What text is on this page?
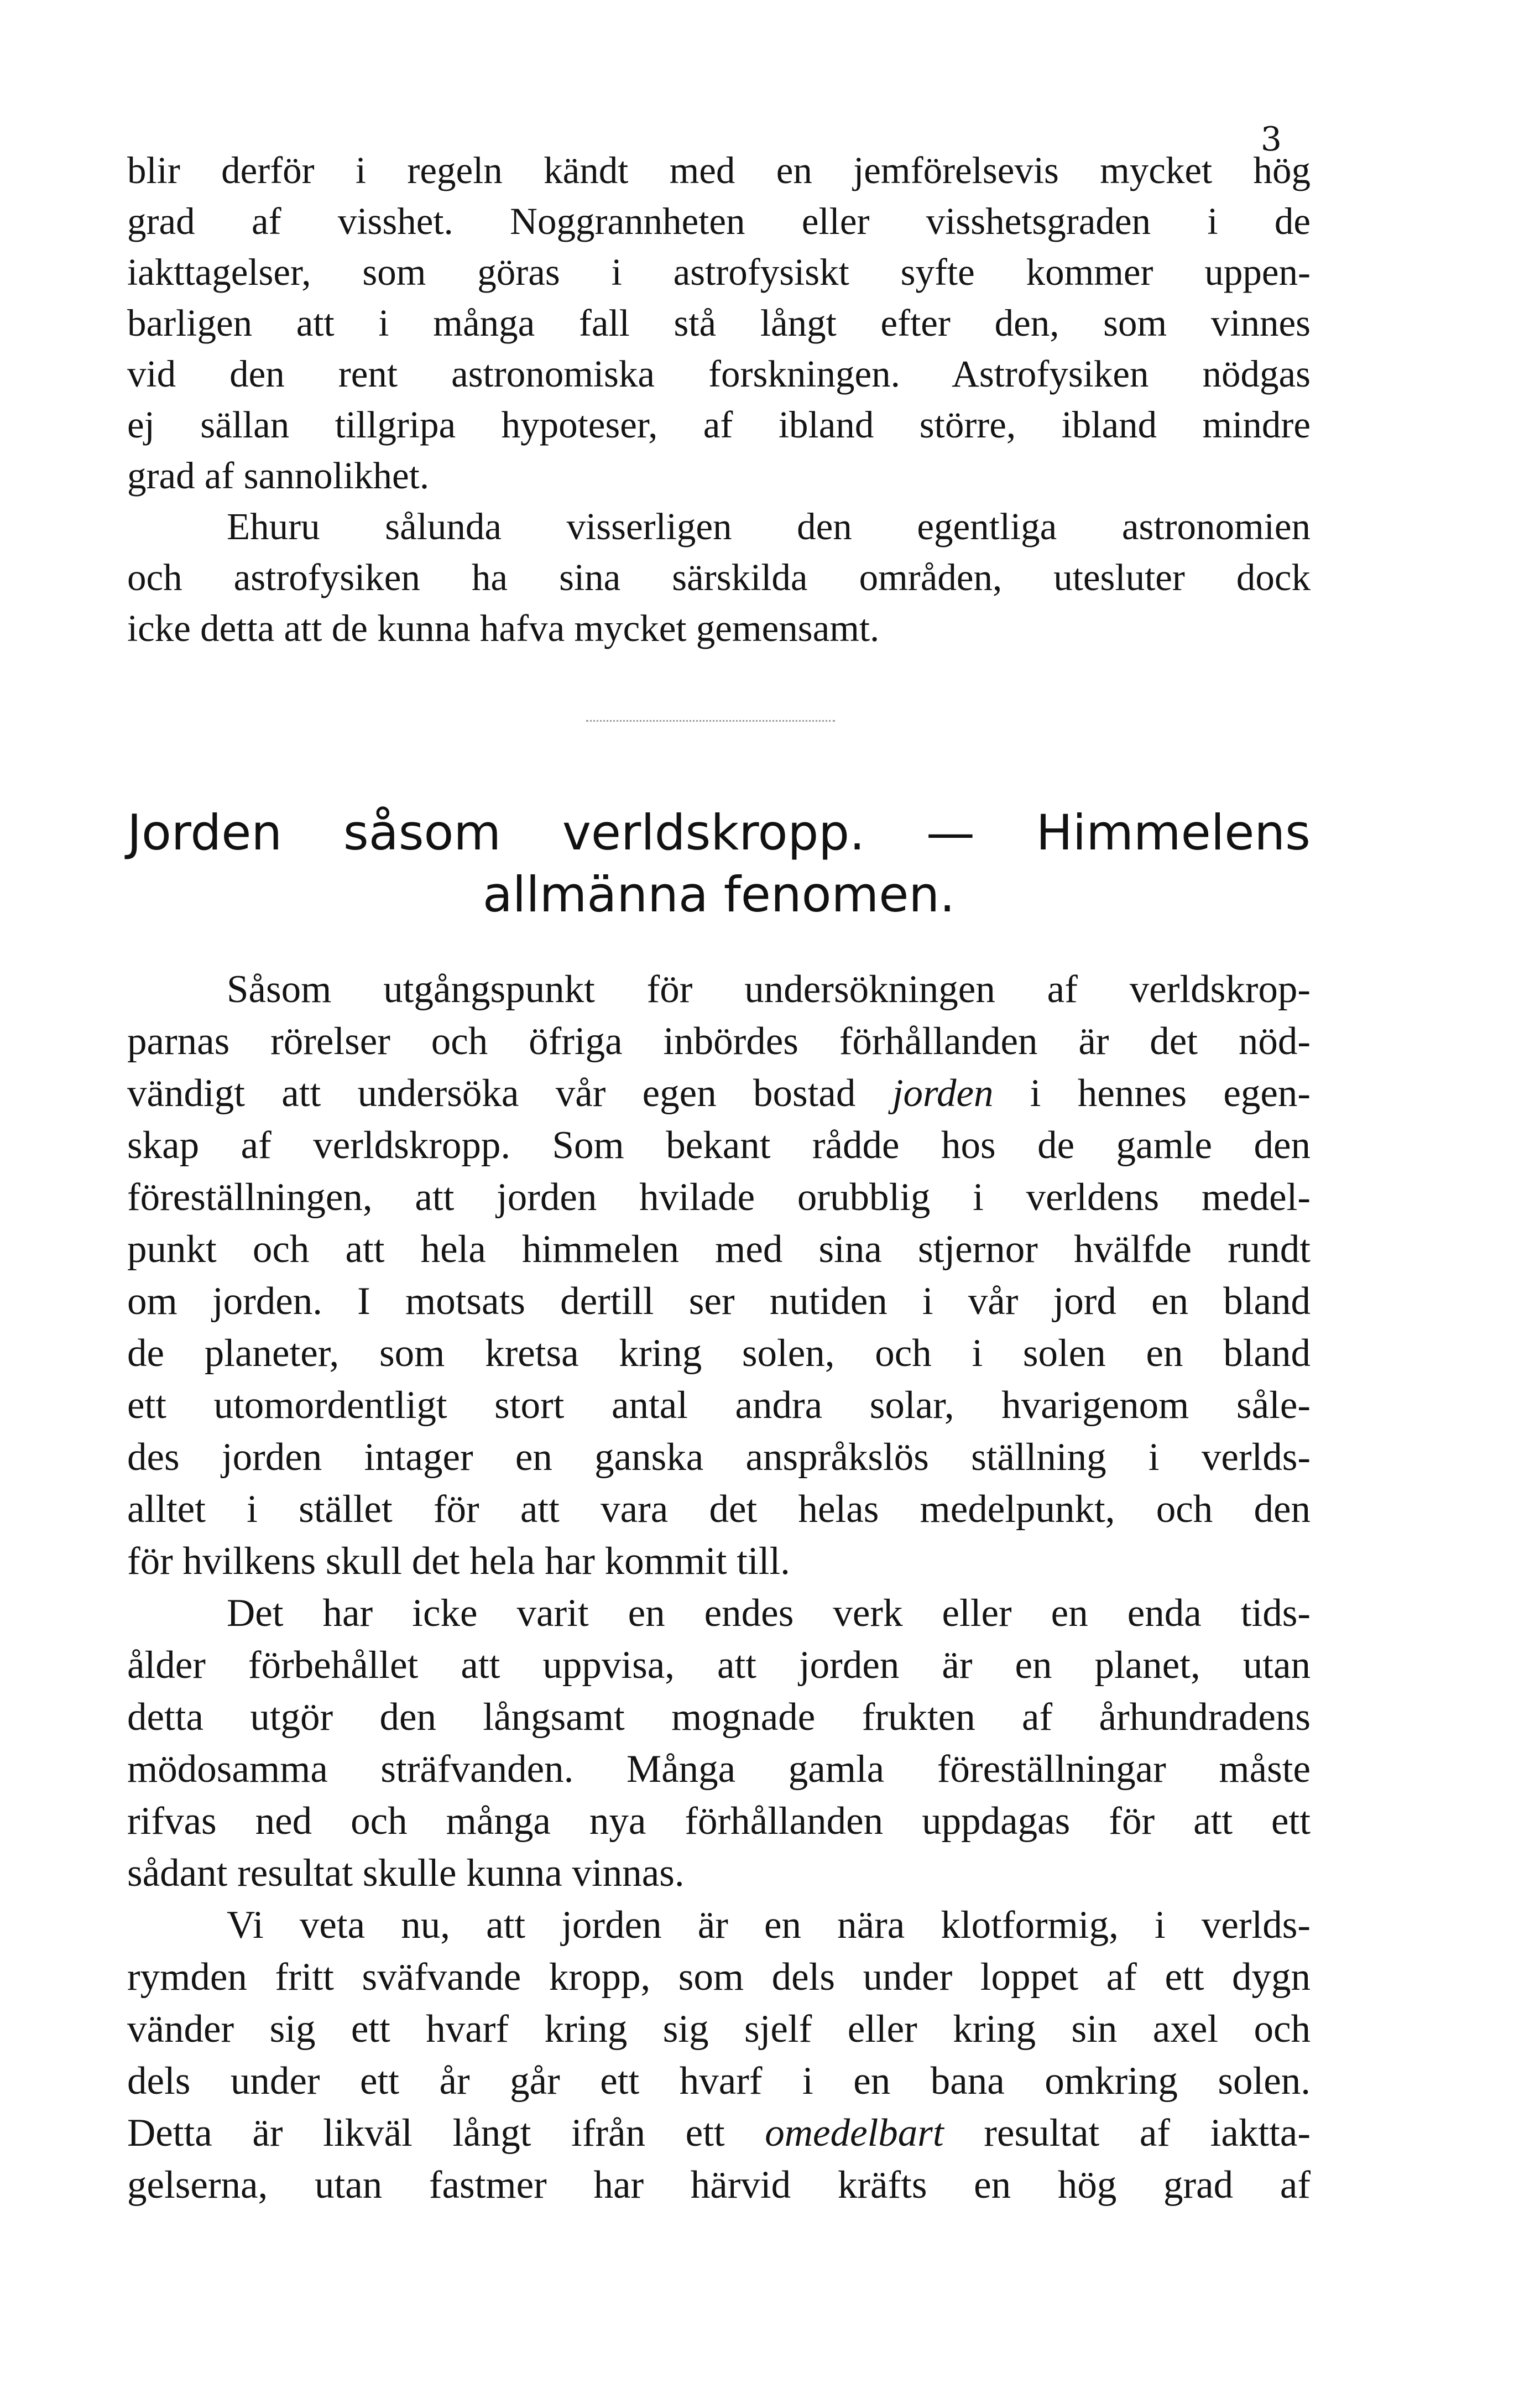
3
blir derför i regeln kändt med en jemförelsevis mycket hög
grad af visshet. Noggrannheten eller visshetsgraden i de
iakttagelser, som göras i astrofysiskt syfte kommer uppen-
barligen att i många fall stå långt efter den, som vinnes
vid den rent astronomiska forskningen. Astrofysiken nödgas
ej sällan tillgripa hypoteser, af ibland större, ibland mindre
grad af sannolikhet.
Ehuru sålunda visserligen den egentliga astronomien
och astrofysiken ha sina särskilda områden, utesluter dock
icke detta att de kunna hafva mycket gemensamt.
Jorden såsom verldskropp. — Himmelens
allmänna fenomen.
Såsom utgångspunkt för undersökningen af verldskrop-
parnas rörelser och öfriga inbördes förhållanden är det nöd-
vändigt att undersöka vår egen bostad jorden i hennes egen-
skap af verldskropp. Som bekant rådde hos de gamle den
föreställningen, att jorden hvilade orubblig i verldens medel-
punkt och att hela himmelen med sina stjernor hvälfde rundt
om jorden. I motsats dertill ser nutiden i vår jord en bland
de planeter, som kretsa kring solen, och i solen en bland
ett utomordentligt stort antal andra solar, hvarigenom såle-
des jorden intager en ganska anspråkslös ställning i verlds-
alltet i stället för att vara det helas medelpunkt, och den
för hvilkens skull det hela har kommit till.
Det har icke varit en endes verk eller en enda tids-
ålder förbehållet att uppvisa, att jorden är en planet, utan
detta utgör den långsamt mognade frukten af århundradens
mödosamma sträfvanden. Många gamla föreställningar måste
rifvas ned och många nya förhållanden uppdagas för att ett
sådant resultat skulle kunna vinnas.
Vi veta nu, att jorden är en nära klotformig, i verlds-
rymden fritt sväfvande kropp, som dels under loppet af ett dygn
vänder sig ett hvarf kring sig sjelf eller kring sin axel och
dels under ett år går ett hvarf i en bana omkring solen.
Detta är likväl långt ifrån ett omedelbart resultat af iaktta-
gelserna, utan fastmer har härvid kräfts en hög grad af
